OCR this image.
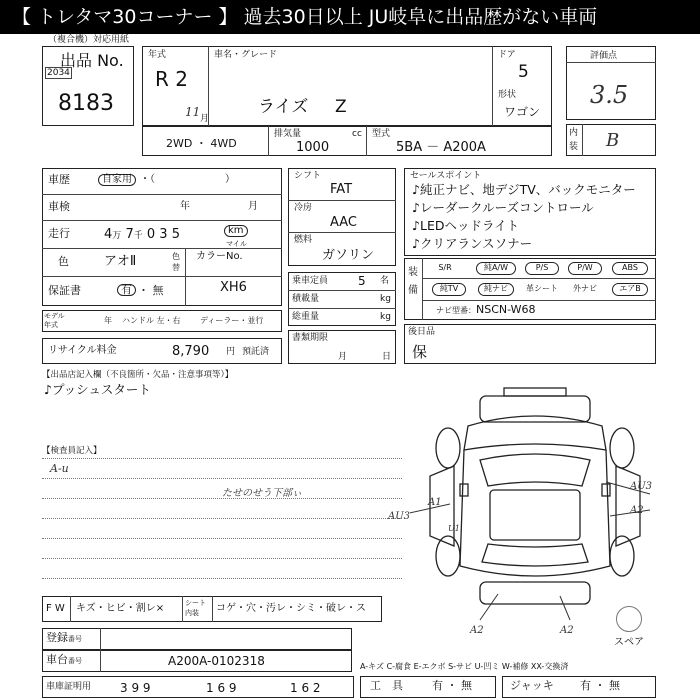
【 トレタマ30コーナー 】 過去30日以上 JU岐阜に出品歴がない車両
（複合機）対応用紙
出品 No.
2034
8183
年式
R 2
11 月
車名・グレード
ライズ Z
ドア
5
形状
ワゴン
2WD ・ 4WD
排気量	cc
1000
型式
5BA － A200A
評価点
3.5
内
装 B
車歴	自家用 ・（　　　　　　　）
車検	年	月
走行	4万 7千 0 3 5	km
マイル
色	アオⅡ	色
替
カラーNo.
XH6
保証書	有 ・ 無
モデル
年式	年 ハンドル 左・右 ディーラー・並行
リサイクル料金	8,790 円 預託済
シフト
FAT
冷房
AAC
燃料
ガソリン
乗車定員 5 名
積載量	kg
総重量	kg
書類期限
月	日
セールスポイント
♪純正ナビ、地デジTV、バックモニター
♪レーダークルーズコントロール
♪LEDヘッドライト
♪クリアランスソナー
装
備
S/R	純A/W	P/S	P/W	ABS
純TV	純ナビ	革シート	外ナビ	エアB
ナビ型番： NSCN-W68
後日品
保
【出品店記入欄（不良箇所・欠品・注意事項等）】
♪プッシュスタート
【検査員記入】
A-u
たせのせう下部ぃ
AU3
A1
AU3
A2
A2	A2
U1
スペア
F W キズ・ヒビ・割レ×	シート
内装 コゲ・穴・汚レ・シミ・破レ・ス
登録番号
車台番号	A200A-0102318	A-キズ C-腐食 E-エクボ S-サビ U-凹ミ W-補修 XX-交換済
車庫証明用 3 9 9	1 6 9	1 6 2	工　具	有 ・ 無	ジャッキ 有 ・ 無
